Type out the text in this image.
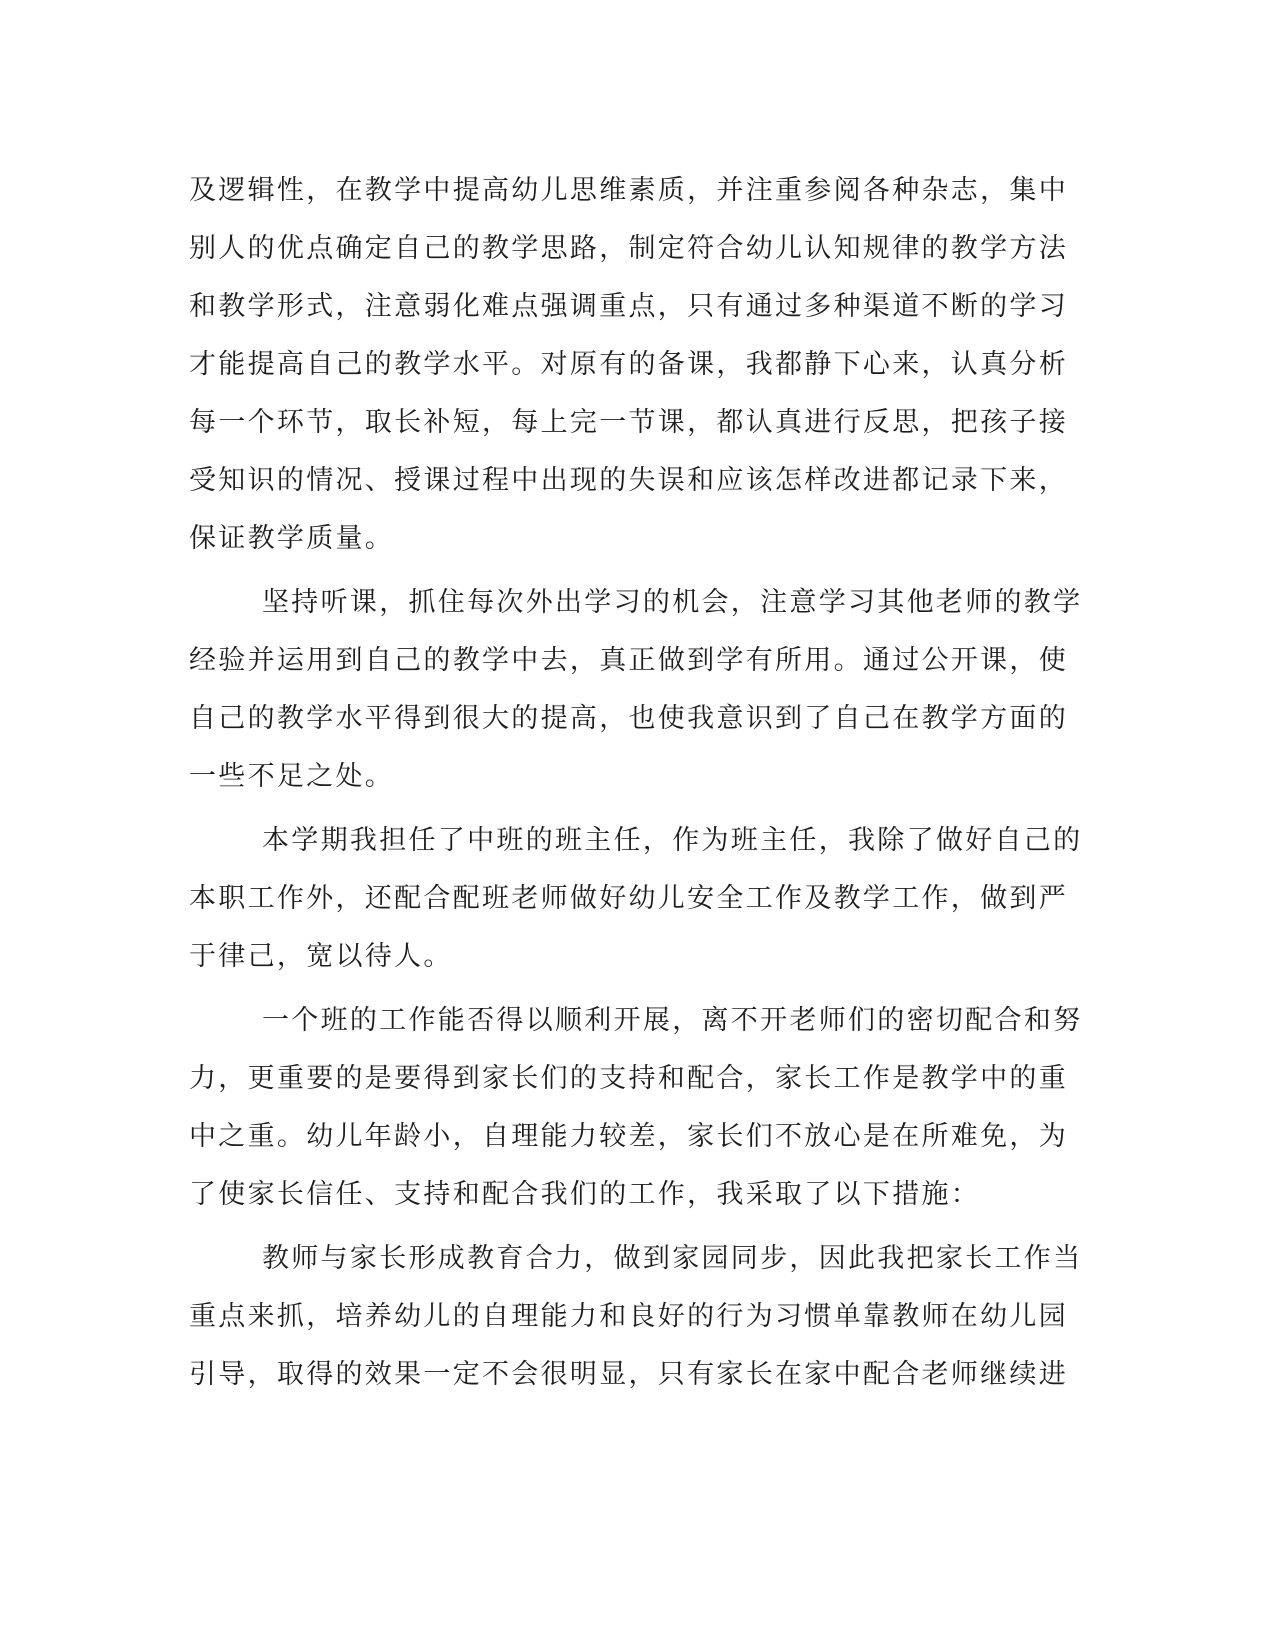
及逻辑性，在教学中提高幼儿思维素质，并注重参阅各种杂志，集中
别人的优点确定自己的教学思路，制定符合幼儿认知规律的教学方法
和教学形式，注意弱化难点强调重点，只有通过多种渠道不断的学习
才能提高自己的教学水平。对原有的备课，我都静下心来，认真分析
每一个环节，取长补短，每上完一节课，都认真进行反思，把孩子接
受知识的情况、授课过程中出现的失误和应该怎样改进都记录下来，
保证教学质量。
坚持听课，抓住每次外出学习的机会，注意学习其他老师的教学
经验并运用到自己的教学中去，真正做到学有所用。通过公开课，使
自己的教学水平得到很大的提高，也使我意识到了自己在教学方面的
一些不足之处。
本学期我担任了中班的班主任，作为班主任，我除了做好自己的
本职工作外，还配合配班老师做好幼儿安全工作及教学工作，做到严
于律己，宽以待人。
一个班的工作能否得以顺利开展，离不开老师们的密切配合和努
力，更重要的是要得到家长们的支持和配合，家长工作是教学中的重
中之重。幼儿年龄小，自理能力较差，家长们不放心是在所难免，为
了使家长信任、支持和配合我们的工作，我采取了以下措施：
教师与家长形成教育合力，做到家园同步，因此我把家长工作当
重点来抓，培养幼儿的自理能力和良好的行为习惯单靠教师在幼儿园
引导，取得的效果一定不会很明显，只有家长在家中配合老师继续进
